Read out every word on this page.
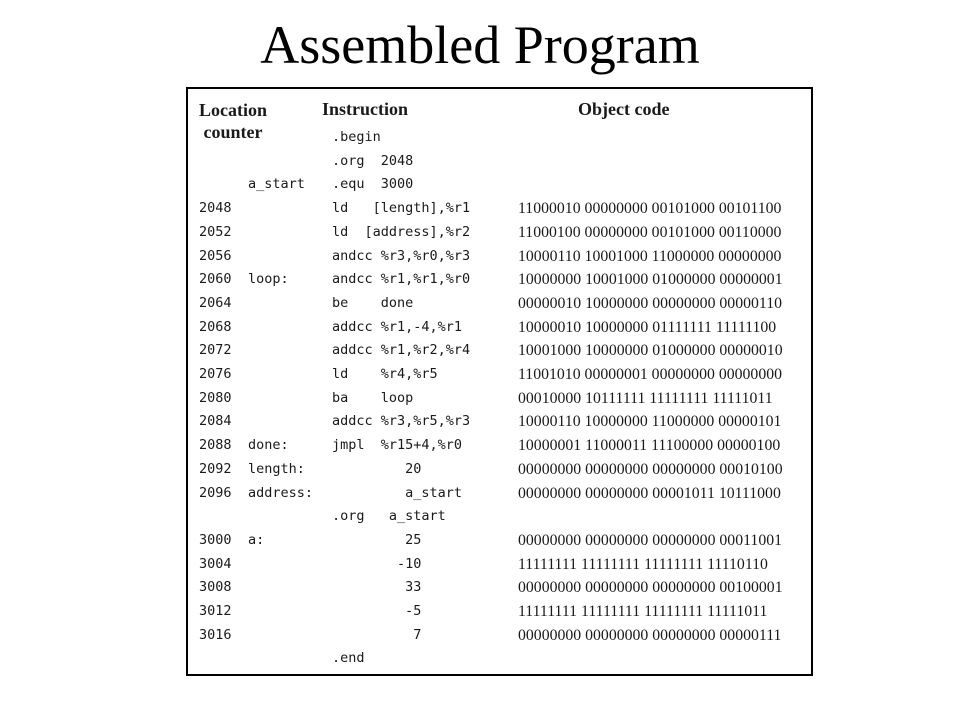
Assembled Program
Location
counter
Instruction	Object code
.begin
.org  2048
a_start .equ  3000
2048	ld   [length],%r1	11000010 00000000 00101000 00101100
2052	ld  [address],%r2	11000100 00000000 00101000 00110000
2056	andcc %r3,%r0,%r3	10000110 10001000 11000000 00000000
2060 loop:	andcc %r1,%r1,%r0	10000000 10001000 01000000 00000001
2064	be    done	00000010 10000000 00000000 00000110
2068	addcc %r1,-4,%r1	10000010 10000000 01111111 11111100
2072	addcc %r1,%r2,%r4	10001000 10000000 01000000 00000010
2076	ld    %r4,%r5	11001010 00000001 00000000 00000000
2080	ba    loop	00010000 10111111 11111111 11111011
2084	addcc %r3,%r5,%r3	10000110 10000000 11000000 00000101
2088 done:	jmpl  %r15+4,%r0	10000001 11000011 11100000 00000100
2092 length: 20	00000000 00000000 00000000 00010100
2096 address: a_start	00000000 00000000 00001011 10111000
.org   a_start
3000 a:	25	00000000 00000000 00000000 00011001
3004	-10	11111111 11111111 11111111 11110110
3008	33	00000000 00000000 00000000 00100001
3012	-5	11111111 11111111 11111111 11111011
3016	7	00000000 00000000 00000000 00000111
.end
